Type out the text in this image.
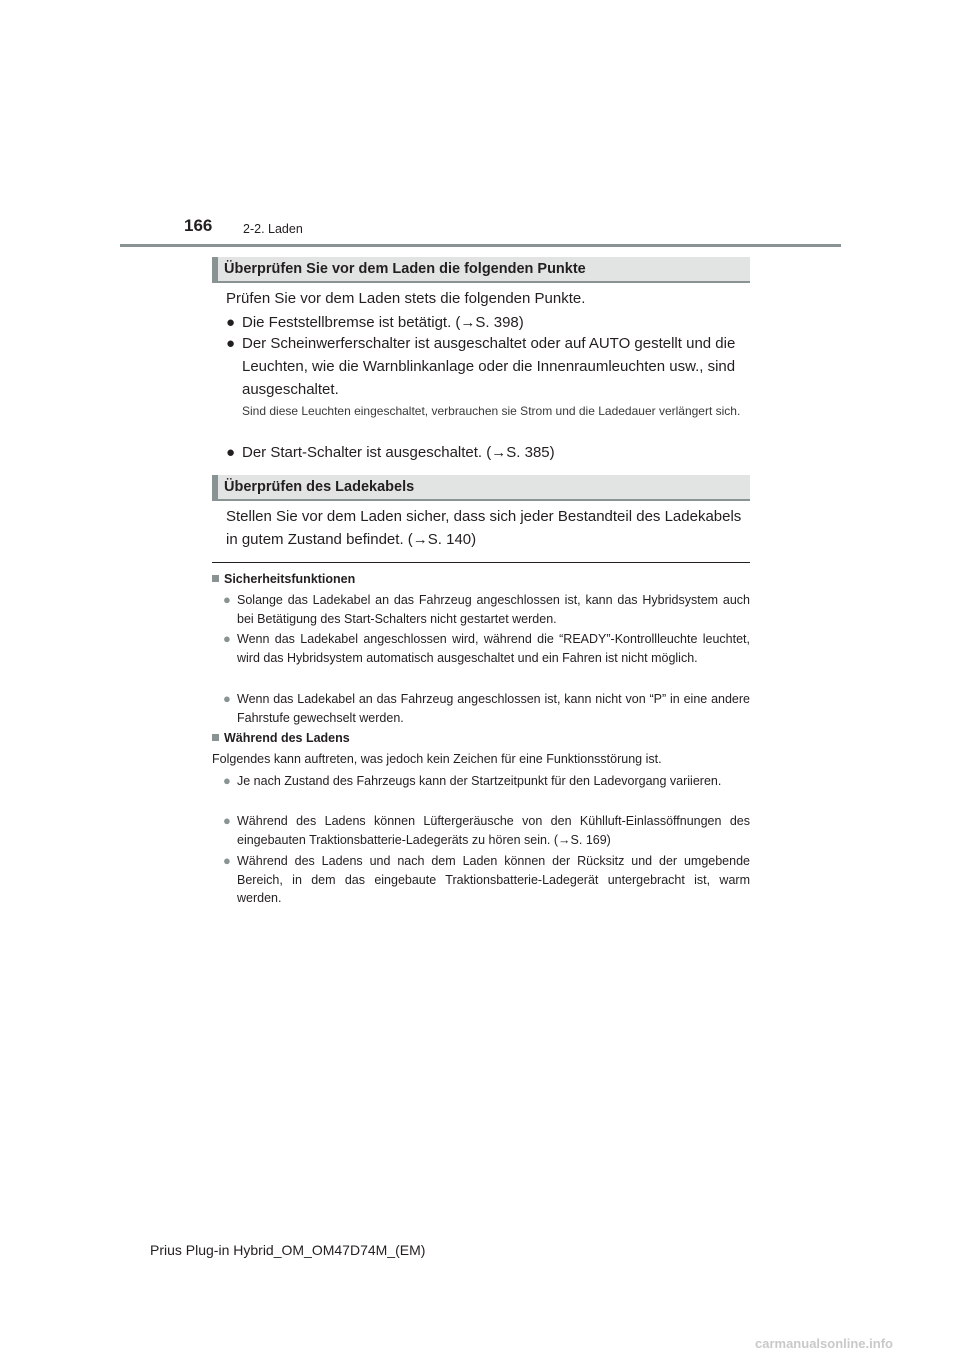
166 2-2. Laden
Überprüfen Sie vor dem Laden die folgenden Punkte
Prüfen Sie vor dem Laden stets die folgenden Punkte.
● Die Feststellbremse ist betätigt. (→S. 398)
● Der Scheinwerferschalter ist ausgeschaltet oder auf AUTO gestellt und die Leuchten, wie die Warnblinkanlage oder die Innenraumleuchten usw., sind ausgeschaltet.
Sind diese Leuchten eingeschaltet, verbrauchen sie Strom und die Ladedauer verlängert sich.
● Der Start-Schalter ist ausgeschaltet. (→S. 385)
Überprüfen des Ladekabels
Stellen Sie vor dem Laden sicher, dass sich jeder Bestandteil des Ladekabels in gutem Zustand befindet. (→S. 140)
Sicherheitsfunktionen
● Solange das Ladekabel an das Fahrzeug angeschlossen ist, kann das Hybridsystem auch bei Betätigung des Start-Schalters nicht gestartet werden.
● Wenn das Ladekabel angeschlossen wird, während die “READY”-Kontrollleuchte leuchtet, wird das Hybridsystem automatisch ausgeschaltet und ein Fahren ist nicht möglich.
● Wenn das Ladekabel an das Fahrzeug angeschlossen ist, kann nicht von “P” in eine andere Fahrstufe gewechselt werden.
Während des Ladens
Folgendes kann auftreten, was jedoch kein Zeichen für eine Funktionsstörung ist.
● Je nach Zustand des Fahrzeugs kann der Startzeitpunkt für den Ladevorgang variieren.
● Während des Ladens können Lüftergeräusche von den Kühlluft-Einlassöffnungen des eingebauten Traktionsbatterie-Ladegeräts zu hören sein. (→S. 169)
● Während des Ladens und nach dem Laden können der Rücksitz und der umgebende Bereich, in dem das eingebaute Traktionsbatterie-Ladegerät untergebracht ist, warm werden.
Prius Plug-in Hybrid_OM_OM47D74M_(EM)
carmanualsonline.info
